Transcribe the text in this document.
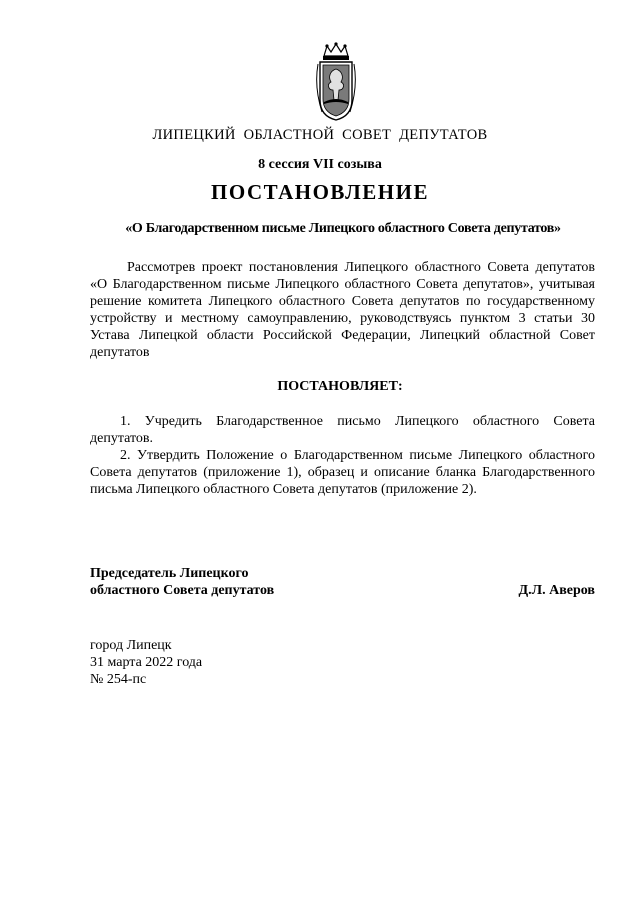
ЛИПЕЦКИЙ ОБЛАСТНОЙ СОВЕТ ДЕПУТАТОВ
8 сессия VII созыва
ПОСТАНОВЛЕНИЕ
«О Благодарственном письме Липецкого областного Совета депутатов»
Рассмотрев проект постановления Липецкого областного Совета депутатов «О Благодарственном письме Липецкого областного Совета депутатов», учитывая решение комитета Липецкого областного Совета депутатов по государственному устройству и местному самоуправлению, руководствуясь пунктом 3 статьи 30 Устава Липецкой области Российской Федерации, Липецкий областной Совет депутатов
ПОСТАНОВЛЯЕТ:
1. Учредить Благодарственное письмо Липецкого областного Совета депутатов.
2. Утвердить Положение о Благодарственном письме Липецкого областного Совета депутатов (приложение 1), образец и описание бланка Благодарственного письма Липецкого областного Совета депутатов (приложение 2).
Председатель Липецкого
областного Совета депутатов	Д.Л. Аверов
город Липецк
31 марта 2022 года
№ 254-пс
